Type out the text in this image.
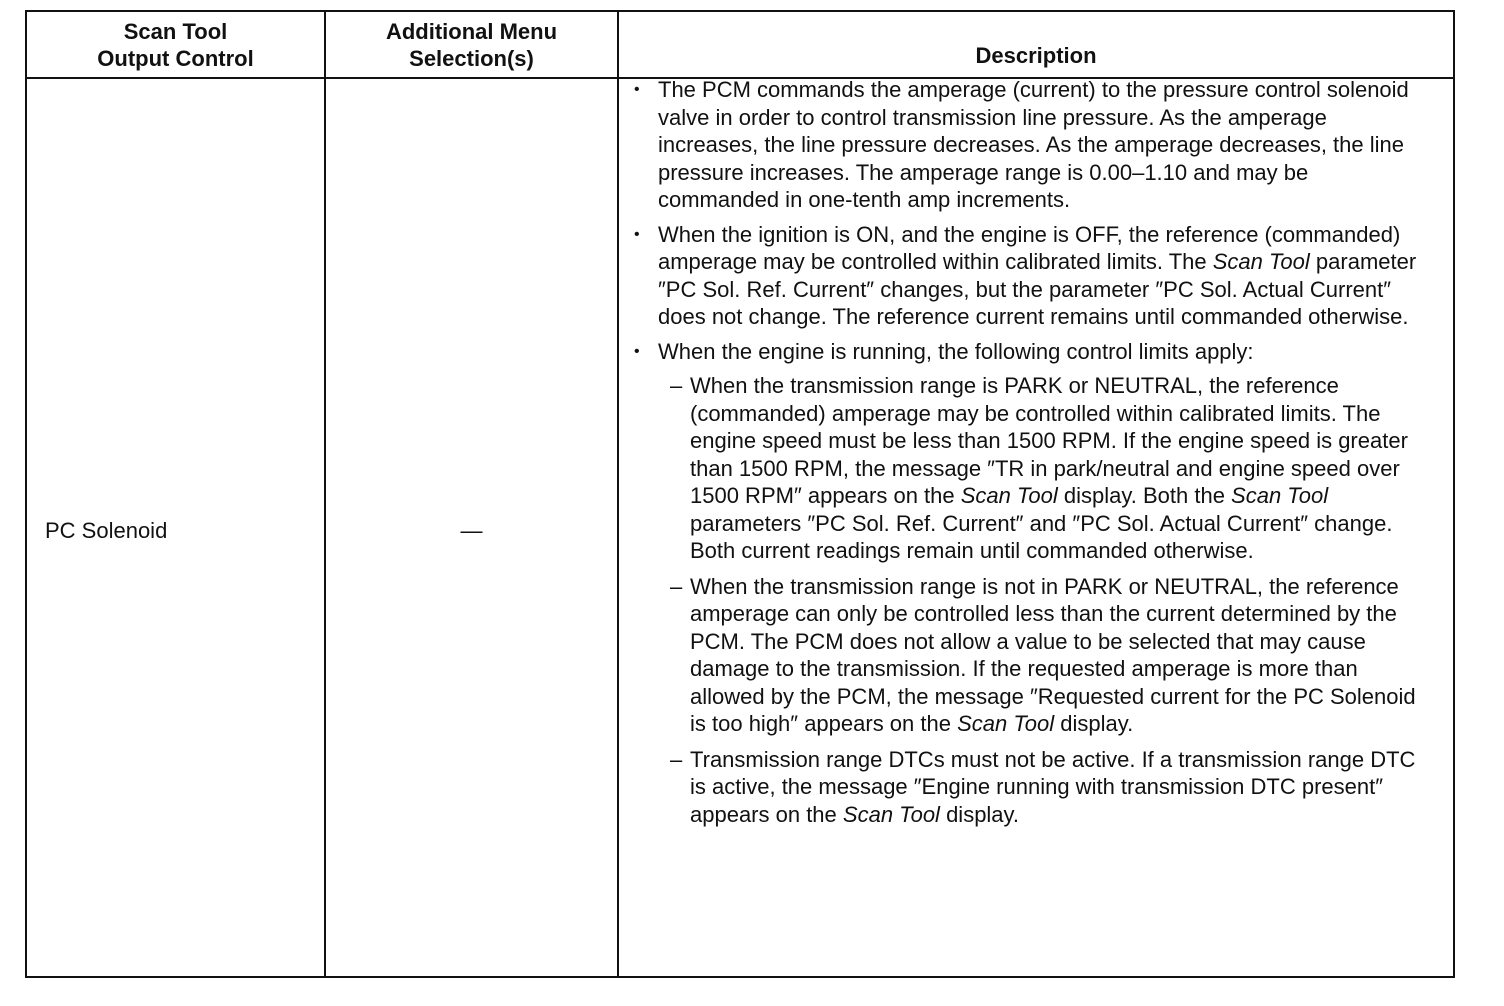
Scan Tool
Output Control
Additional Menu
Selection(s)	Description
PC Solenoid	—
• The PCM commands the amperage (current) to the pressure control solenoid valve in order to control transmission line pressure. As the amperage increases, the line pressure decreases. As the amperage decreases, the line pressure increases. The amperage range is 0.00–1.10 and may be commanded in one-tenth amp increments.
• When the ignition is ON, and the engine is OFF, the reference (commanded) amperage may be controlled within calibrated limits. The Scan Tool parameter ″PC Sol. Ref. Current″ changes, but the parameter ″PC Sol. Actual Current″ does not change. The reference current remains until commanded otherwise.
• When the engine is running, the following control limits apply:
– When the transmission range is PARK or NEUTRAL, the reference (commanded) amperage may be controlled within calibrated limits. The engine speed must be less than 1500 RPM. If the engine speed is greater than 1500 RPM, the message ″TR in park/neutral and engine speed over 1500 RPM″ appears on the Scan Tool display. Both the Scan Tool parameters ″PC Sol. Ref. Current″ and ″PC Sol. Actual Current″ change. Both current readings remain until commanded otherwise.
– When the transmission range is not in PARK or NEUTRAL, the reference amperage can only be controlled less than the current determined by the PCM. The PCM does not allow a value to be selected that may cause damage to the transmission. If the requested amperage is more than allowed by the PCM, the message ″Requested current for the PC Solenoid is too high″ appears on the Scan Tool display.
– Transmission range DTCs must not be active. If a transmission range DTC is active, the message ″Engine running with transmission DTC present″ appears on the Scan Tool display.
